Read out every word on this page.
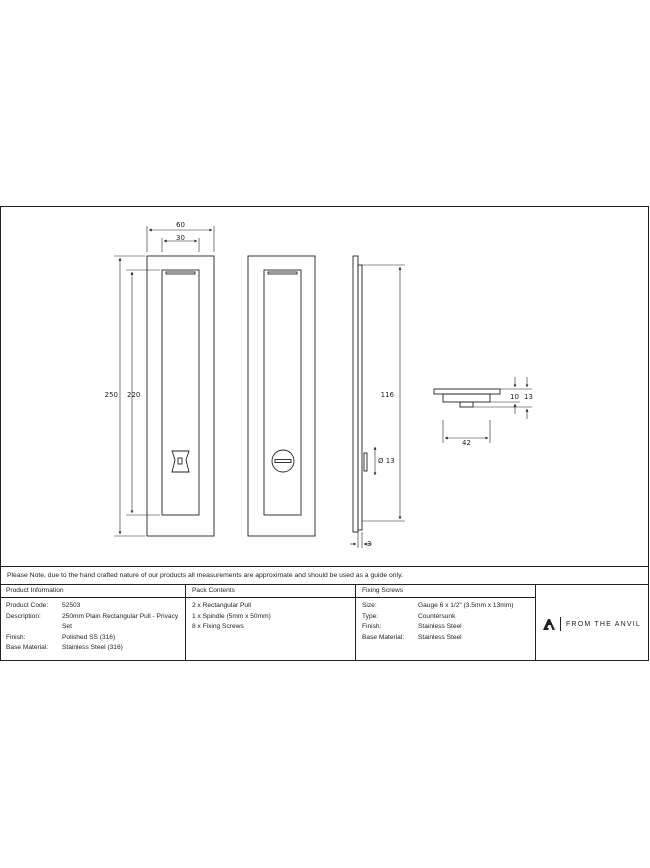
60
30
250 220	116
Ø 13
3
10 13
42
Please Note, due to the hand crafted nature of our products all measurements are approximate and should be used as a guide only.
Product Information
Product Code:	52503
Description:	250mm Plain Rectangular Pull - Privacy Set
Finish:	Polished SS (316)
Base Material:	Stainless Steel (316)
Pack Contents
2 x Rectangular Pull
1 x Spindle (5mm x 50mm)
8 x Fixing Screws
Fixing Screws
Size:	Gauge 6 x 1/2" (3.5mm x 13mm)
Type:	Countersunk
Finish:	Stainless Steel
Base Material:	Stainless Steel
FROM THE ANVIL
